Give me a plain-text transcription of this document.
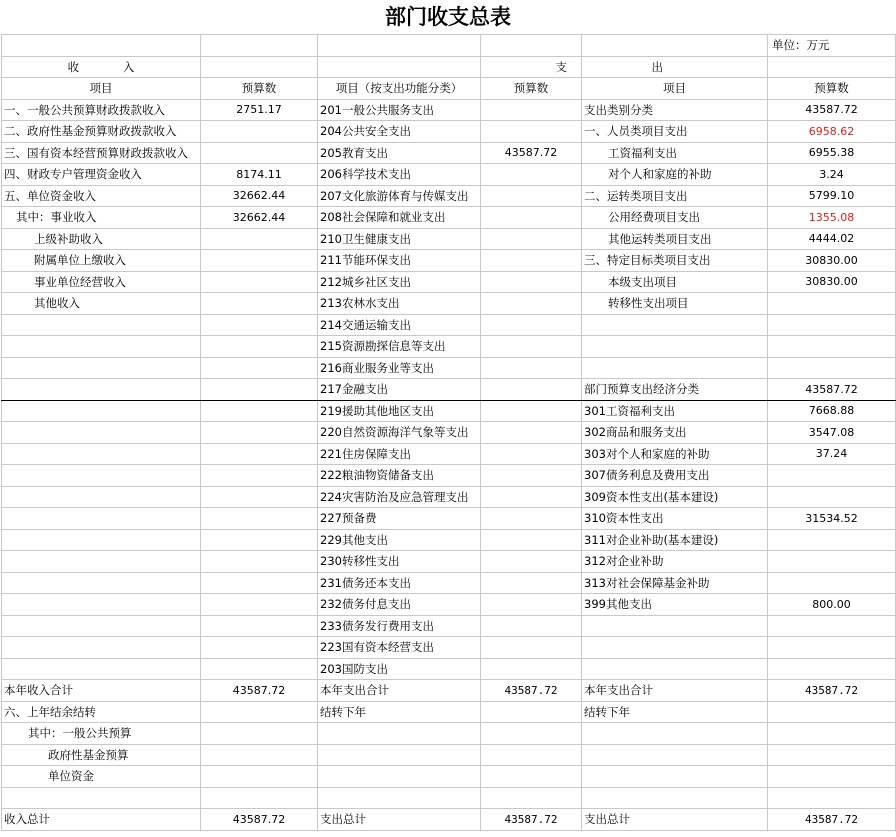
部门收支总表
					单位：万元
收            入			支	出	
项目	预算数	项目（按支出功能分类）	预算数	项目	预算数
一、一般公共预算财政拨款收入	2751.17	201一般公共服务支出		支出类别分类	43587.72
二、政府性基金预算财政拨款收入		204公共安全支出		一、人员类项目支出	6958.62
三、国有资本经营预算财政拨款收入		205教育支出	43587.72	工资福利支出	6955.38
四、财政专户管理资金收入	8174.11	206科学技术支出		对个人和家庭的补助	3.24
五、单位资金收入	32662.44	207文化旅游体育与传媒支出		二、运转类项目支出	5799.10
其中：事业收入	32662.44	208社会保障和就业支出		公用经费项目支出	1355.08
上级补助收入		210卫生健康支出		其他运转类项目支出	4444.02
附属单位上缴收入		211节能环保支出		三、特定目标类项目支出	30830.00
事业单位经营收入		212城乡社区支出		本级支出项目	30830.00
其他收入		213农林水支出		转移性支出项目	
		214交通运输支出			
		215资源勘探信息等支出			
		216商业服务业等支出			
		217金融支出		部门预算支出经济分类	43587.72
		219援助其他地区支出		301工资福利支出	7668.88
		220自然资源海洋气象等支出		302商品和服务支出	3547.08
		221住房保障支出		303对个人和家庭的补助	37.24
		222粮油物资储备支出		307债务利息及费用支出	
		224灾害防治及应急管理支出		309资本性支出(基本建设)	
		227预备费		310资本性支出	31534.52
		229其他支出		311对企业补助(基本建设)	
		230转移性支出		312对企业补助	
		231债务还本支出		313对社会保障基金补助	
		232债务付息支出		399其他支出	800.00
		233债务发行费用支出			
		223国有资本经营支出			
		203国防支出			
本年收入合计	43587.72	本年支出合计	43587.72	本年支出合计	43587.72
六、上年结余结转		结转下年		结转下年	
其中：一般公共预算					
政府性基金预算					
单位资金					

收入总计	43587.72	支出总计	43587.72	支出总计	43587.72
